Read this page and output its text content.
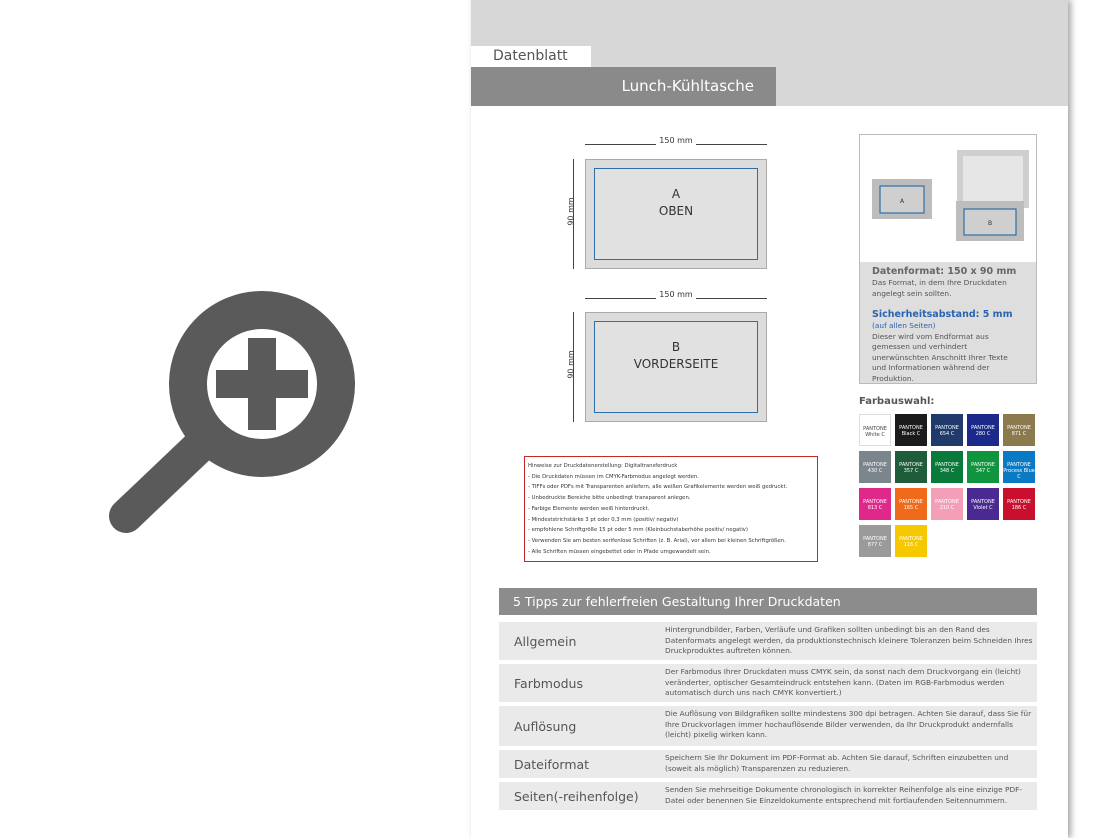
Datenblatt
Lunch-Kühltasche
150 mm
90 mm
A
OBEN
150 mm
90 mm
B
VORDERSEITE
Hinweise zur Druckdatenerstellung: Digitaltransferdruck
- Die Druckdaten müssen im CMYK-Farbmodus angelegt werden.
- TIFFs oder PDFs mit Transparenten anliefern, alle weißen Grafikelemente werden weiß gedruckt.
- Unbedruckte Bereiche bitte unbedingt transparent anlegen.
- Farbige Elemente werden weiß hinterdruckt.
- Mindeststrichstärke 3 pt oder 0,3 mm (positiv/ negativ)
- empfohlene Schriftgröße 15 pt oder 5 mm (Kleinbuchstaberhöhe positiv/ negativ)
- Verwenden Sie am besten serifenlose Schriften (z. B. Arial), vor allem bei kleinen Schriftgrößen.
- Alle Schriften müssen eingebettet oder in Pfade umgewandelt sein.
A
B
Datenformat: 150 x 90 mm
Das Format, in dem Ihre Druckdaten angelegt sein sollten.
Sicherheitsabstand: 5 mm
(auf allen Seiten)
Dieser wird vom Endformat aus gemessen und verhindert unerwünschten Anschnitt Ihrer Texte und Informationen während der Produktion.
Farbauswahl:
PANTONE
White C
PANTONE
Black C
PANTONE
654 C
PANTONE
280 C
PANTONE
871 C
PANTONE
430 C
PANTONE
357 C
PANTONE
348 C
PANTONE
347 C
PANTONE
Process Blue C
PANTONE
813 C
PANTONE
165 C
PANTONE
210 C
PANTONE
Violet C
PANTONE
186 C
PANTONE
877 C
PANTONE
116 C
5 Tipps zur fehlerfreien Gestaltung Ihrer Druckdaten
Allgemein
Hintergrundbilder, Farben, Verläufe und Grafiken sollten unbedingt bis an den Rand des Datenformats angelegt werden, da produktionstechnisch kleinere Toleranzen beim Schneiden Ihres Druckproduktes auftreten können.
Farbmodus
Der Farbmodus Ihrer Druckdaten muss CMYK sein, da sonst nach dem Druckvorgang ein (leicht) veränderter, optischer Gesamteindruck entstehen kann. (Daten im RGB-Farbmodus werden automatisch durch uns nach CMYK konvertiert.)
Auflösung
Die Auflösung von Bildgrafiken sollte mindestens 300 dpi betragen. Achten Sie darauf, dass Sie für Ihre Druckvorlagen immer hochauflösende Bilder verwenden, da Ihr Druckprodukt andernfalls (leicht) pixelig wirken kann.
Dateiformat	Speichern Sie Ihr Dokument im PDF-Format ab. Achten Sie darauf, Schriften einzubetten und (soweit als möglich) Transparenzen zu reduzieren.
Seiten(-reihenfolge)	Senden Sie mehrseitige Dokumente chronologisch in korrekter Reihenfolge als eine einzige PDF-Datei oder benennen Sie Einzeldokumente entsprechend mit fortlaufenden Seitennummern.
